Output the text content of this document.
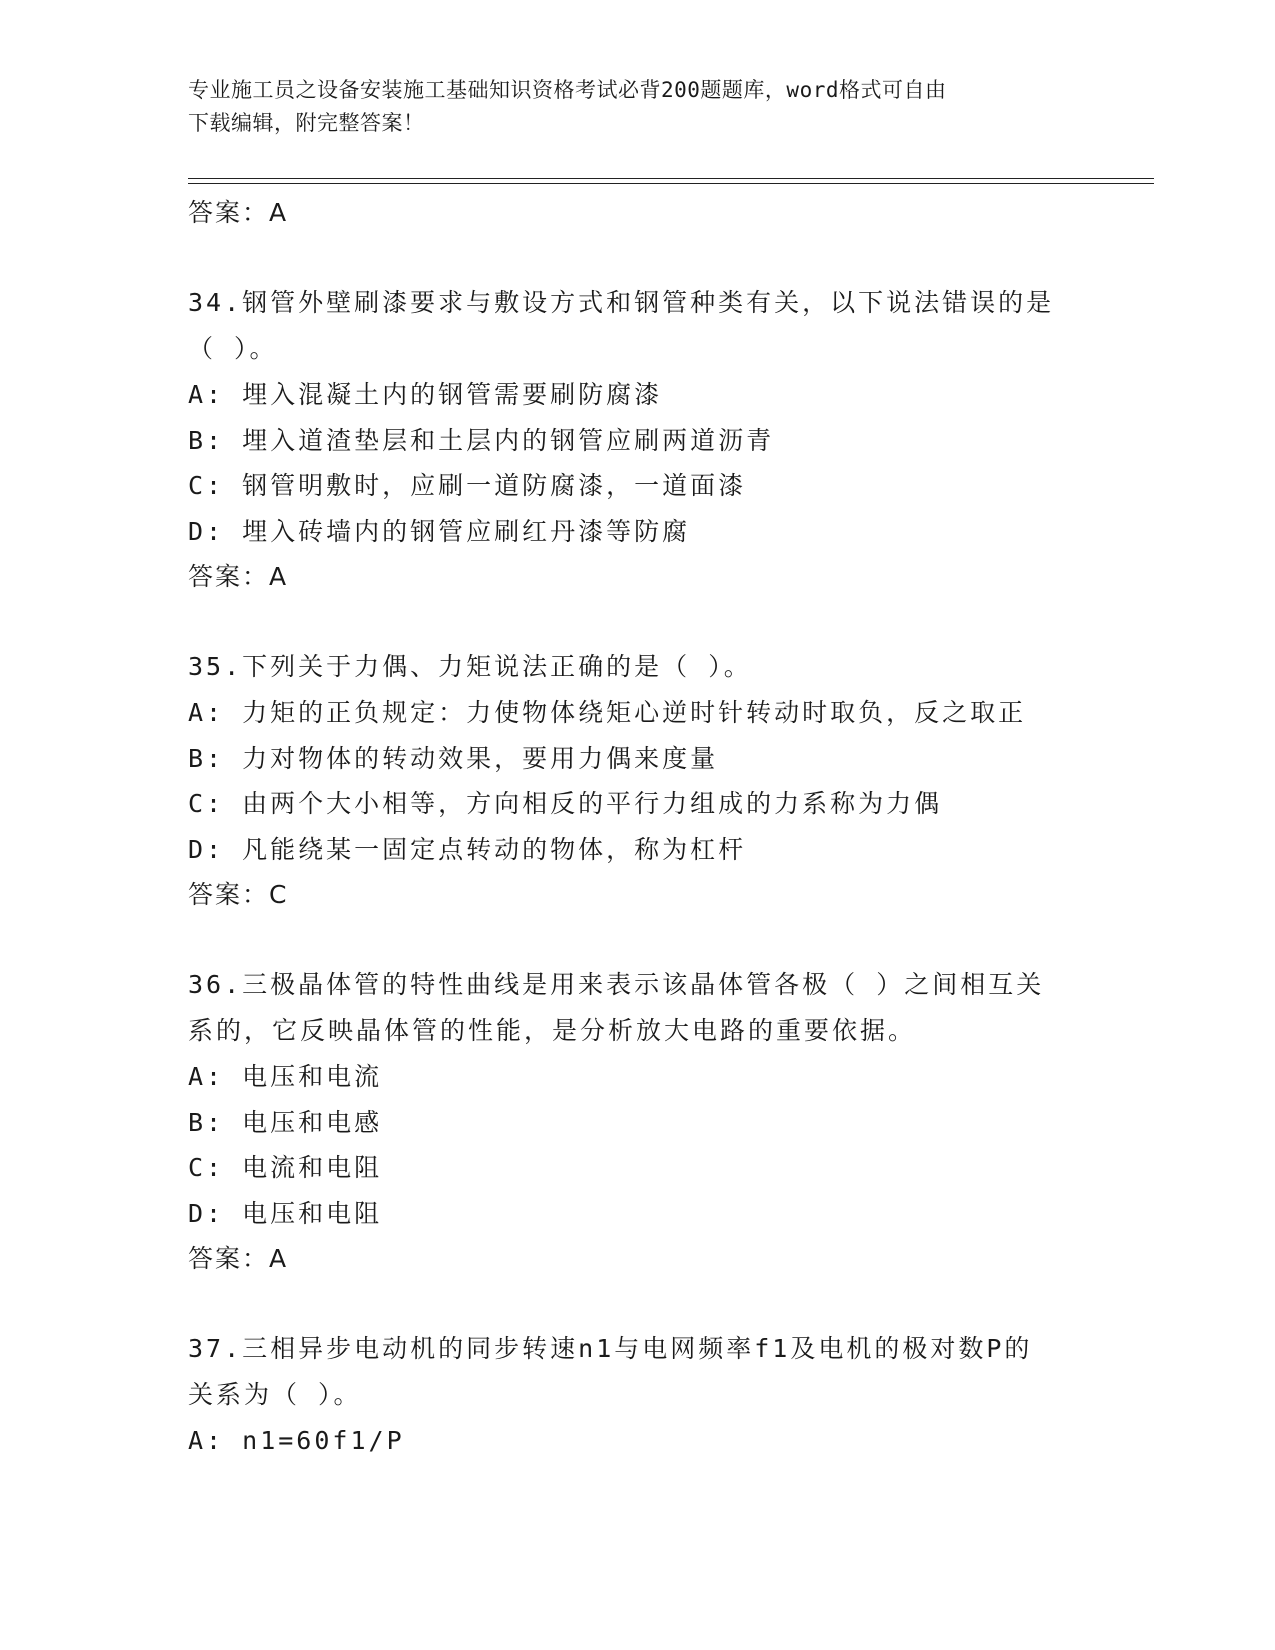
专业施工员之设备安装施工基础知识资格考试必背200题题库，word格式可自由
下载编辑，附完整答案！

答案：A

34.钢管外壁刷漆要求与敷设方式和钢管种类有关，以下说法错误的是

（ ）。

A: 埋入混凝土内的钢管需要刷防腐漆

B: 埋入道渣垫层和土层内的钢管应刷两道沥青

C: 钢管明敷时，应刷一道防腐漆，一道面漆

D: 埋入砖墙内的钢管应刷红丹漆等防腐

答案：A

35.下列关于力偶、力矩说法正确的是（ ）。

A: 力矩的正负规定：力使物体绕矩心逆时针转动时取负，反之取正

B: 力对物体的转动效果，要用力偶来度量

C: 由两个大小相等，方向相反的平行力组成的力系称为力偶

D: 凡能绕某一固定点转动的物体，称为杠杆

答案：C

36.三极晶体管的特性曲线是用来表示该晶体管各极（ ）之间相互关

系的，它反映晶体管的性能，是分析放大电路的重要依据。

A: 电压和电流

B: 电压和电感

C: 电流和电阻

D: 电压和电阻

答案：A

37.三相异步电动机的同步转速n1与电网频率f1及电机的极对数P的

关系为（ ）。

A: n1=60f1/P
